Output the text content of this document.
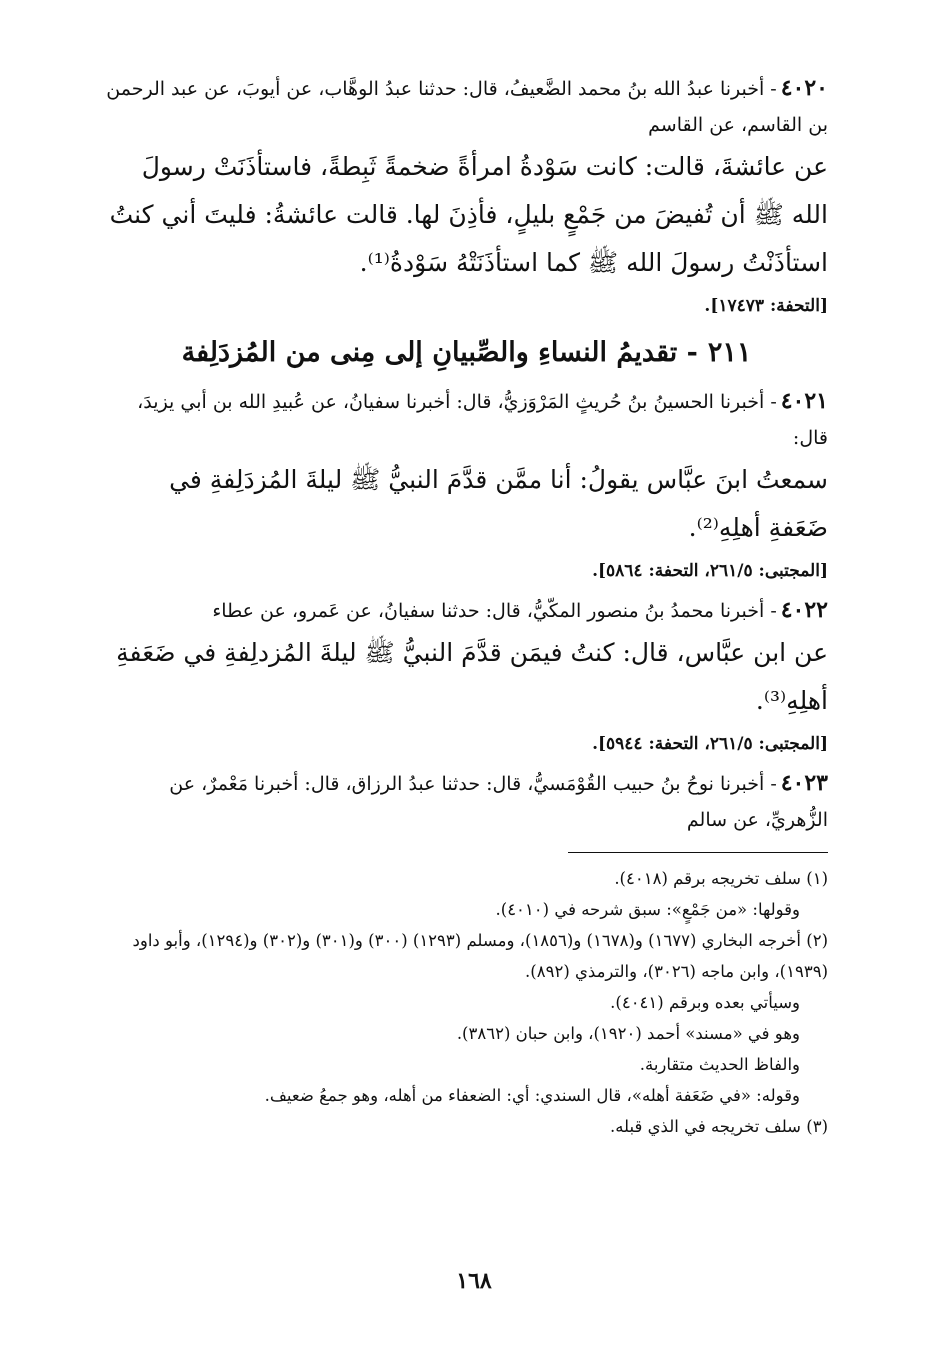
٤٠٢٠- أخبرنا عبدُ الله بنُ محمد الضَّعيفُ، قال: حدثنا عبدُ الوهَّاب، عن أيوبَ، عن عبد الرحمن بن القاسم، عن القاسم

عن عائشةَ، قالت: كانت سَوْدةُ امرأةً ضخمةً ثَبِطةً، فاستأذَنَتْ رسولَ الله ﷺ أن تُفيضَ من جَمْعٍ بليلٍ، فأذِنَ لها. قالت عائشةُ: فليتَ أني كنتُ استأذَنْتُ رسولَ الله ﷺ كما استأذَنَتْهُ سَوْدةُ⁽¹⁾.

[التحفة: ١٧٤٧٣].

٢١١- تقديمُ النساءِ والصِّبيانِ إلى مِنى من المُزدَلِفة

٤٠٢١- أخبرنا الحسينُ بنُ حُريثٍ المَرْوَزيُّ، قال: أخبرنا سفيانُ، عن عُبيدِ الله بن أبي يزيدَ، قال:

سمعتُ ابنَ عبَّاس يقولُ: أنا ممَّن قدَّمَ النبيُّ ﷺ ليلةَ المُزدَلِفةِ في ضَعَفةِ أهلِهِ⁽²⁾.

[المجتبى: ٢٦١/٥، التحفة: ٥٨٦٤].

٤٠٢٢- أخبرنا محمدُ بنُ منصور المكّيُّ، قال: حدثنا سفيانُ، عن عَمرو، عن عطاء

عن ابن عبَّاس، قال: كنتُ فيمَن قدَّمَ النبيُّ ﷺ ليلةَ المُزدلِفةِ في ضَعَفةِ أهلِهِ⁽³⁾.

[المجتبى: ٢٦١/٥، التحفة: ٥٩٤٤].

٤٠٢٣- أخبرنا نوحُ بنُ حبيب القُوْمَسيُّ، قال: حدثنا عبدُ الرزاق، قال: أخبرنا مَعْمرٌ، عن الزُّهريِّ، عن سالم

(١) سلف تخريجه برقم (٤٠١٨).

وقولها: «من جَمْعٍ»: سبق شرحه في (٤٠١٠).

(٢) أخرجه البخاري (١٦٧٧) و(١٦٧٨) و(١٨٥٦)، ومسلم (١٢٩٣) (٣٠٠) و(٣٠١) و(٣٠٢) و(١٢٩٤)، وأبو داود (١٩٣٩)، وابن ماجه (٣٠٢٦)، والترمذي (٨٩٢).

وسيأتي بعده وبرقم (٤٠٤١).

وهو في «مسند» أحمد (١٩٢٠)، وابن حبان (٣٨٦٢).

والفاظ الحديث متقاربة.

وقوله: «في ضَعَفة أهله»، قال السندي: أي: الضعفاء من أهله، وهو جمعُ ضعيف.

(٣) سلف تخريجه في الذي قبله.

١٦٨
